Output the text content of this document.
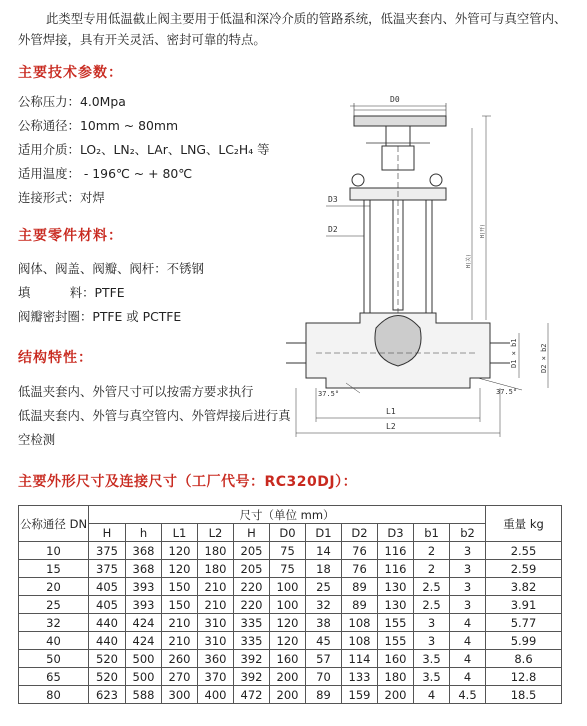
此类型专用低温截止阀主要用于低温和深冷介质的管路系统，低温夹套内、外管可与真空管内、
外管焊接，具有开关灵活、密封可靠的特点。
主要技术参数：
公称压力：4.0Mpa
公称通径：10mm ~ 80mm
适用介质：LO₂、LN₂、LAr、LNG、LC₂H₄ 等
适用温度： - 196℃ ~ + 80℃
连接形式：对焊
主要零件材料：
阀体、阀盖、阀瓣、阀杆：不锈钢
填          料：PTFE
阀瓣密封圈：PTFE 或 PCTFE
结构特性：
低温夹套内、外管尺寸可以按需方要求执行
低温夹套内、外管与真空管内、外管焊接后进行真
空检测
D0
D3
D2
L1
L2
37.5°	37.5°
D1 × b1	D2 × b2
H(开)
H(关)
主要外形尺寸及连接尺寸（工厂代号：RC320DJ）：
公称通径 DN	尺寸（单位 mm）											重量 kg
	H	h	L1	L2	H	D0	D1	D2	D3	b1	b2	
10	375	368	120	180	205	75	14	76	116	2	3	2.55
15	375	368	120	180	205	75	18	76	116	2	3	2.59
20	405	393	150	210	220	100	25	89	130	2.5	3	3.82
25	405	393	150	210	220	100	32	89	130	2.5	3	3.91
32	440	424	210	310	335	120	38	108	155	3	4	5.77
40	440	424	210	310	335	120	45	108	155	3	4	5.99
50	520	500	260	360	392	160	57	114	160	3.5	4	8.6
65	520	500	270	370	392	200	70	133	180	3.5	4	12.8
80	623	588	300	400	472	200	89	159	200	4	4.5	18.5
